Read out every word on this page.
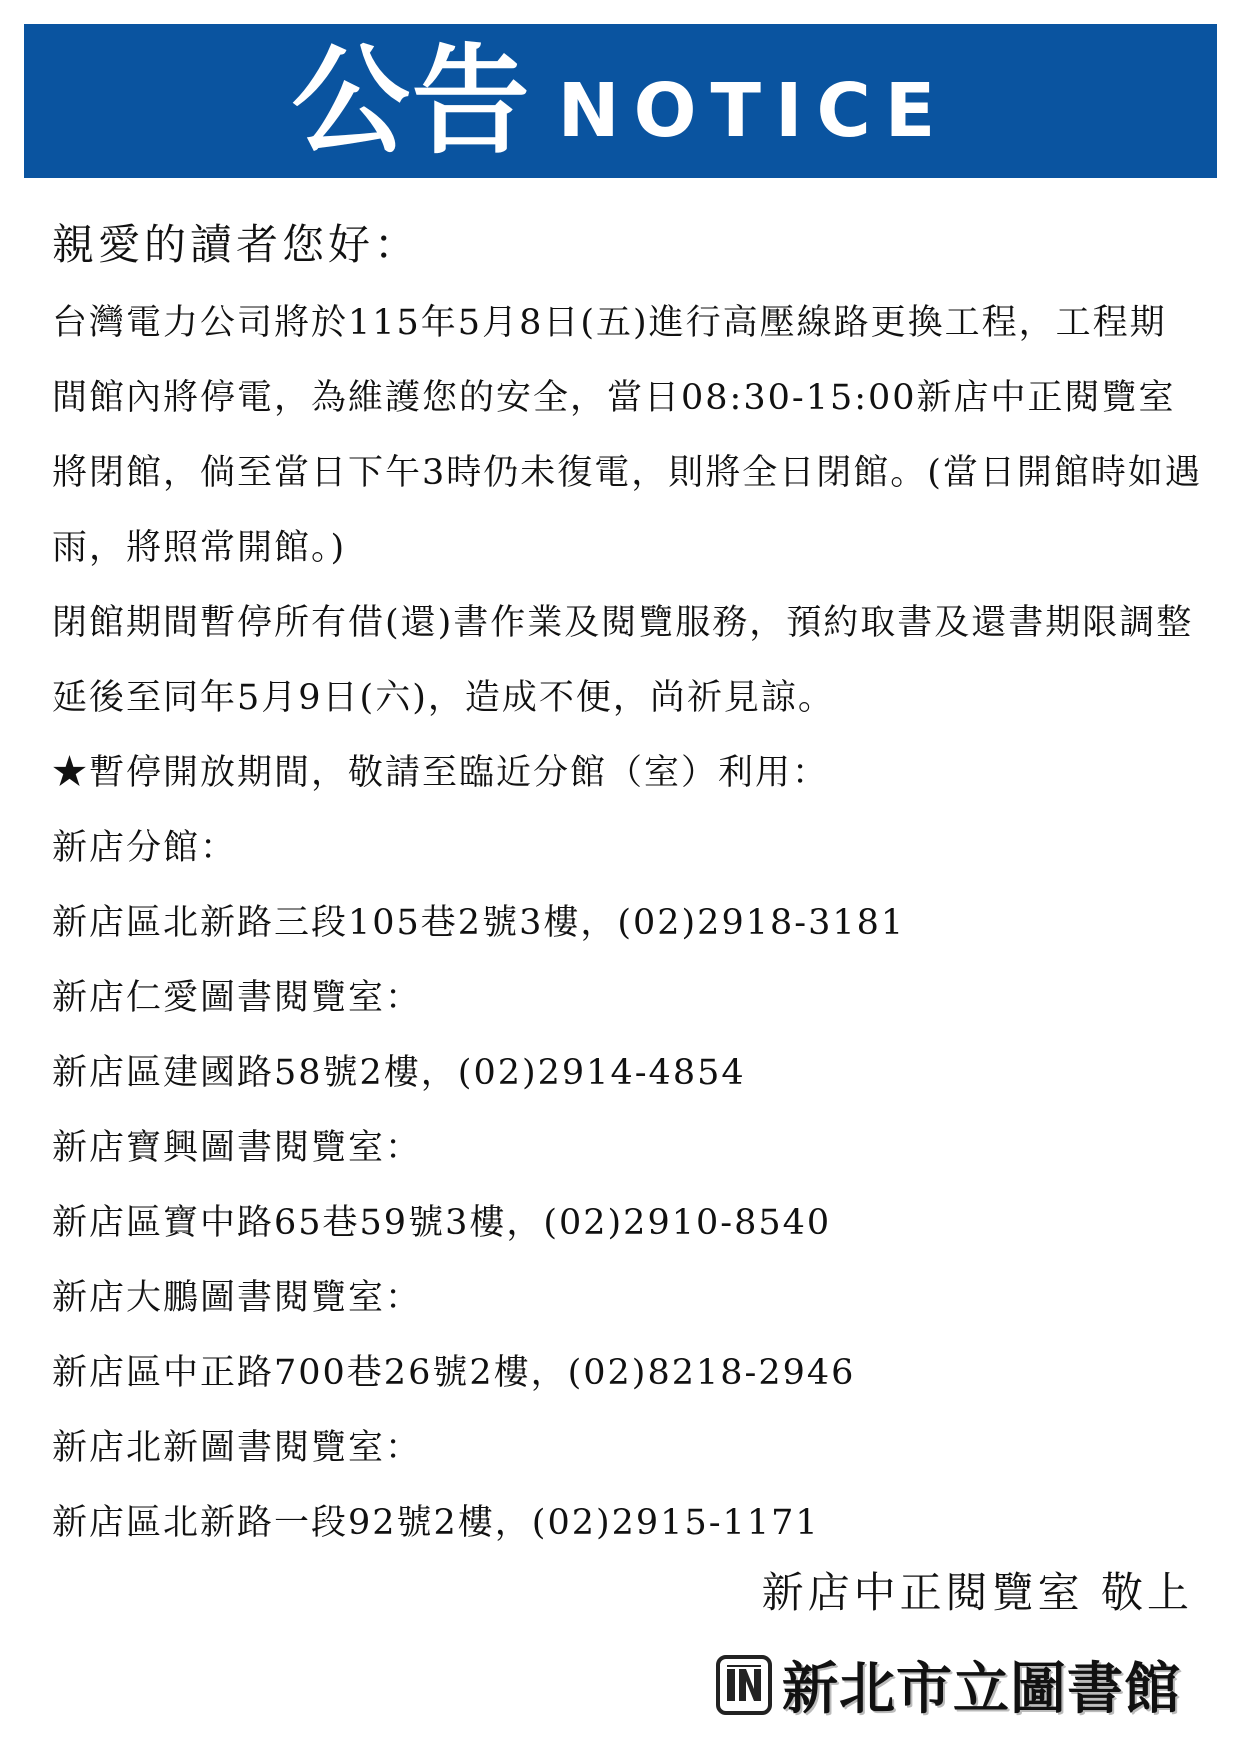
公告 NOTICE
親愛的讀者您好：

台灣電力公司將於115年5月8日(五)進行高壓線路更換工程，工程期間館內將停電，為維護您的安全，當日08:30-15:00新店中正閱覽室將閉館，倘至當日下午3時仍未復電，則將全日閉館。(當日開館時如遇雨，將照常開館。)

閉館期間暫停所有借(還)書作業及閱覽服務，預約取書及還書期限調整延後至同年5月9日(六)，造成不便，尚祈見諒。

★暫停開放期間，敬請至臨近分館（室）利用：

新店分館：

新店區北新路三段105巷2號3樓，(02)2918-3181

新店仁愛圖書閱覽室：

新店區建國路58號2樓，(02)2914-4854

新店寶興圖書閱覽室：

新店區寶中路65巷59號3樓，(02)2910-8540

新店大鵬圖書閱覽室：

新店區中正路700巷26號2樓，(02)8218-2946

新店北新圖書閱覽室：

新店區北新路一段92號2樓，(02)2915-1171

新店中正閱覽室 敬上
新北市立圖書館
